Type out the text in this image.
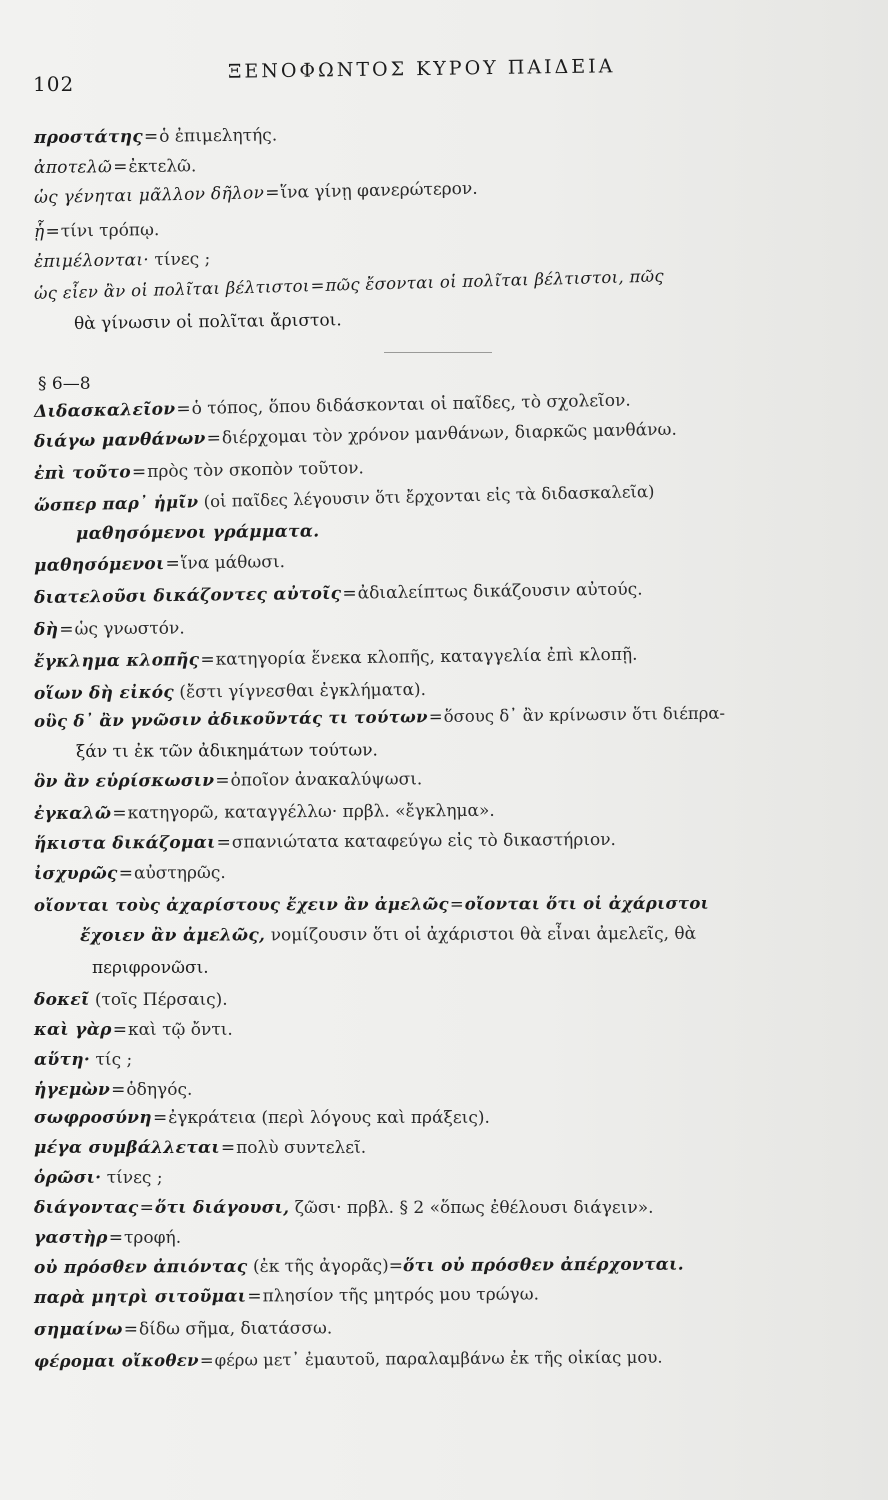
102
ΞΕΝΟΦΩΝΤΟΣ ΚΥΡΟΥ ΠΑΙΔΕΙΑ
προστάτης=ὁ ἐπιμελητής.
ἀποτελῶ=ἐκτελῶ.
ὡς γένηται μᾶλλον δῆλον=ἵνα γίνῃ φανερώτερον.
ᾗ=τίνι τρόπῳ.
ἐπιμέλονται· τίνες ;
ὡς εἶεν ἂν οἱ πολῖται βέλτιστοι=πῶς ἔσονται οἱ πολῖται βέλτιστοι, πῶς
θὰ γίνωσιν οἱ πολῖται ἄριστοι.
§ 6—8
Διδασκαλεῖον=ὁ τόπος, ὅπου διδάσκονται οἱ παῖδες, τὸ σχολεῖον.
διάγω μανθάνων=διέρχομαι τὸν χρόνον μανθάνων, διαρκῶς μανθάνω.
ἐπὶ τοῦτο=πρὸς τὸν σκοπὸν τοῦτον.
ὥσπερ παρ᾽ ἡμῖν (οἱ παῖδες λέγουσιν ὅτι ἔρχονται εἰς τὰ διδασκαλεῖα)
μαθησόμενοι γράμματα.
μαθησόμενοι=ἵνα μάθωσι.
διατελοῦσι δικάζοντες αὐτοῖς=ἀδιαλείπτως δικάζουσιν αὐτούς.
δὴ=ὡς γνωστόν.
ἔγκλημα κλοπῆς=κατηγορία ἕνεκα κλοπῆς, καταγγελία ἐπὶ κλοπῇ.
οἵων δὴ εἰκός (ἔστι γίγνεσθαι ἐγκλήματα).
οὓς δ᾽ ἂν γνῶσιν ἀδικοῦντάς τι τούτων=ὅσους δ᾽ ἂν κρίνωσιν ὅτι διέπρα-
ξάν τι ἐκ τῶν ἀδικημάτων τούτων.
ὃν ἂν εὑρίσκωσιν=ὁποῖον ἀνακαλύψωσι.
ἐγκαλῶ=κατηγορῶ, καταγγέλλω· πρβλ. «ἔγκλημα».
ἥκιστα δικάζομαι=σπανιώτατα καταφεύγω εἰς τὸ δικαστήριον.
ἰσχυρῶς=αὐστηρῶς.
οἴονται τοὺς ἀχαρίστους ἔχειν ἂν ἀμελῶς=οἴονται ὅτι οἱ ἀχάριστοι
ἔχοιεν ἂν ἀμελῶς, νομίζουσιν ὅτι οἱ ἀχάριστοι θὰ εἶναι ἀμελεῖς, θὰ
περιφρονῶσι.
δοκεῖ (τοῖς Πέρσαις).
καὶ γὰρ=καὶ τῷ ὄντι.
αὕτη· τίς ;
ἡγεμὼν=ὁδηγός.
σωφροσύνη=ἐγκράτεια (περὶ λόγους καὶ πράξεις).
μέγα συμβάλλεται=πολὺ συντελεῖ.
ὁρῶσι· τίνες ;
διάγοντας=ὅτι διάγουσι, ζῶσι· πρβλ. § 2 «ὅπως ἐθέλουσι διάγειν».
γαστὴρ=τροφή.
οὐ πρόσθεν ἀπιόντας (ἐκ τῆς ἀγορᾶς)=ὅτι οὐ πρόσθεν ἀπέρχονται.
παρὰ μητρὶ σιτοῦμαι=πλησίον τῆς μητρός μου τρώγω.
σημαίνω=δίδω σῆμα, διατάσσω.
φέρομαι οἴκοθεν=φέρω μετ᾽ ἐμαυτοῦ, παραλαμβάνω ἐκ τῆς οἰκίας μου.
